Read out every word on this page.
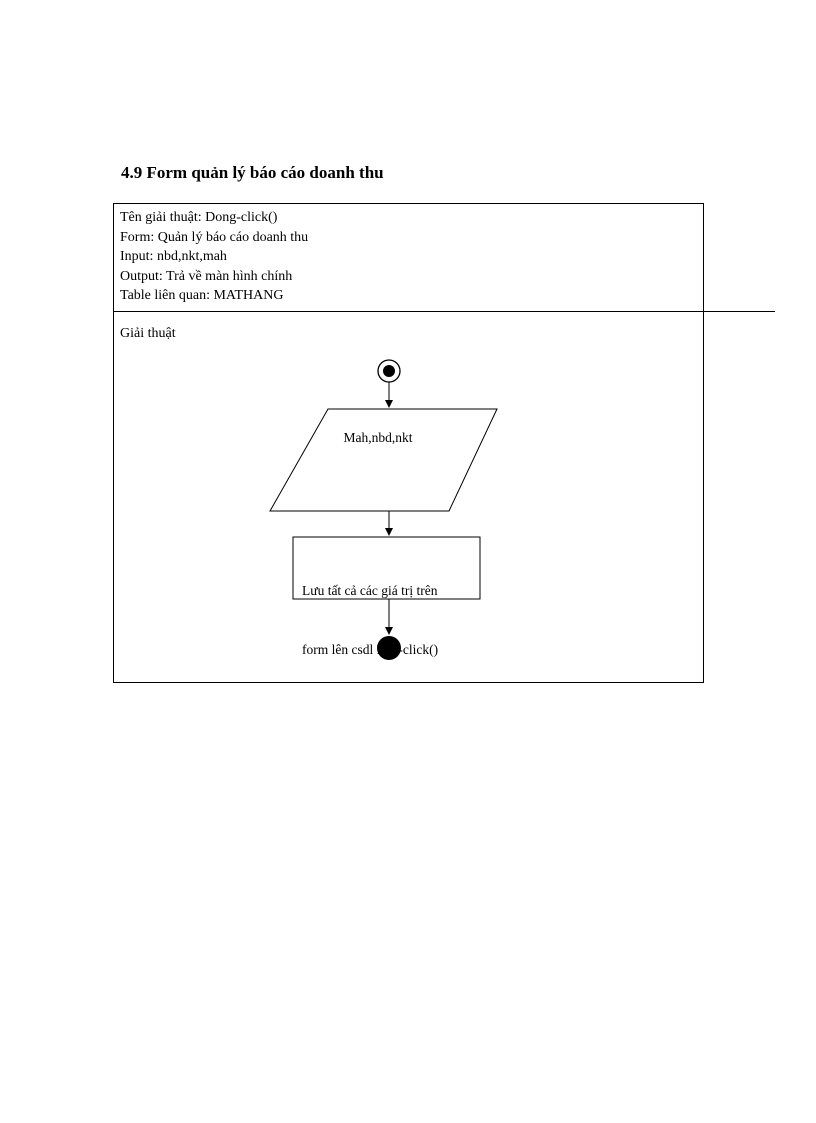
4.9 Form quản lý báo cáo doanh thu
Tên giải thuật: Dong-click()
Form: Quản lý báo cáo doanh thu
Input: nbd,nkt,mah
Output: Trả về màn hình chính
Table liên quan: MATHANG
Giải thuật
Mah,nbd,nkt

Lưu tất cả các giá trị trên

form lên csdl Luu-click()
